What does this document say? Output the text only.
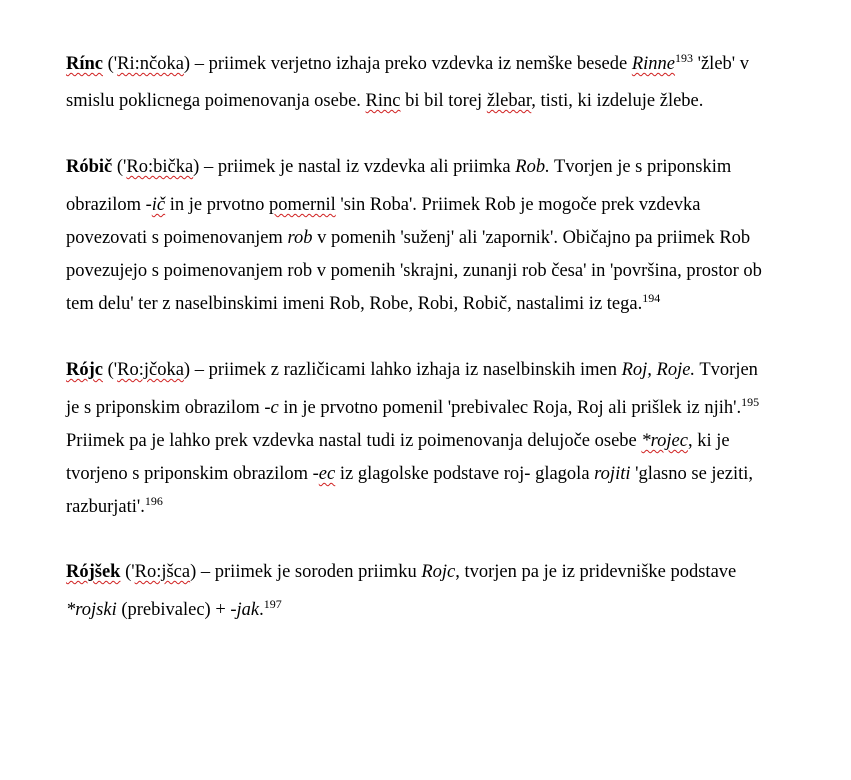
Rínc ('Ri:nčoka) – priimek verjetno izhaja preko vzdevka iz nemške besede Rinne$^{193}$ 'žleb' v
smislu poklicnega poimenovanja osebe. Rinc bi bil torej žlebar, tisti, ki izdeluje žlebe.
Róbič ('Ro:bička) – priimek je nastal iz vzdevka ali priimka Rob. Tvorjen je s priponskim
obrazilom -ič in je prvotno pomernil 'sin Roba'. Priimek Rob je mogoče prek vzdevka
povezovati s poimenovanjem rob v pomenih 'suženj' ali 'zapornik'. Običajno pa priimek Rob
povezujejo s poimenovanjem rob v pomenih 'skrajni, zunanji rob česa' in 'površina, prostor ob
tem delu' ter z naselbinskimi imeni Rob, Robe, Robi, Robič, nastalimi iz tega.$^{194}$
Rójc ('Ro:jčoka) – priimek z različicami lahko izhaja iz naselbinskih imen Roj, Roje. Tvorjen
je s priponskim obrazilom -c in je prvotno pomenil 'prebivalec Roja, Roj ali prišlek iz njih'.$^{195}$
Priimek pa je lahko prek vzdevka nastal tudi iz poimenovanja delujoče osebe *rojec, ki je
tvorjeno s priponskim obrazilom -ec iz glagolske podstave roj- glagola rojiti 'glasno se jeziti,
razburjati'.$^{196}$
Rójšek ('Ro:jšca) – priimek je soroden priimku Rojc, tvorjen pa je iz pridevniške podstave
*rojski (prebivalec) + -jak.$^{197}$
